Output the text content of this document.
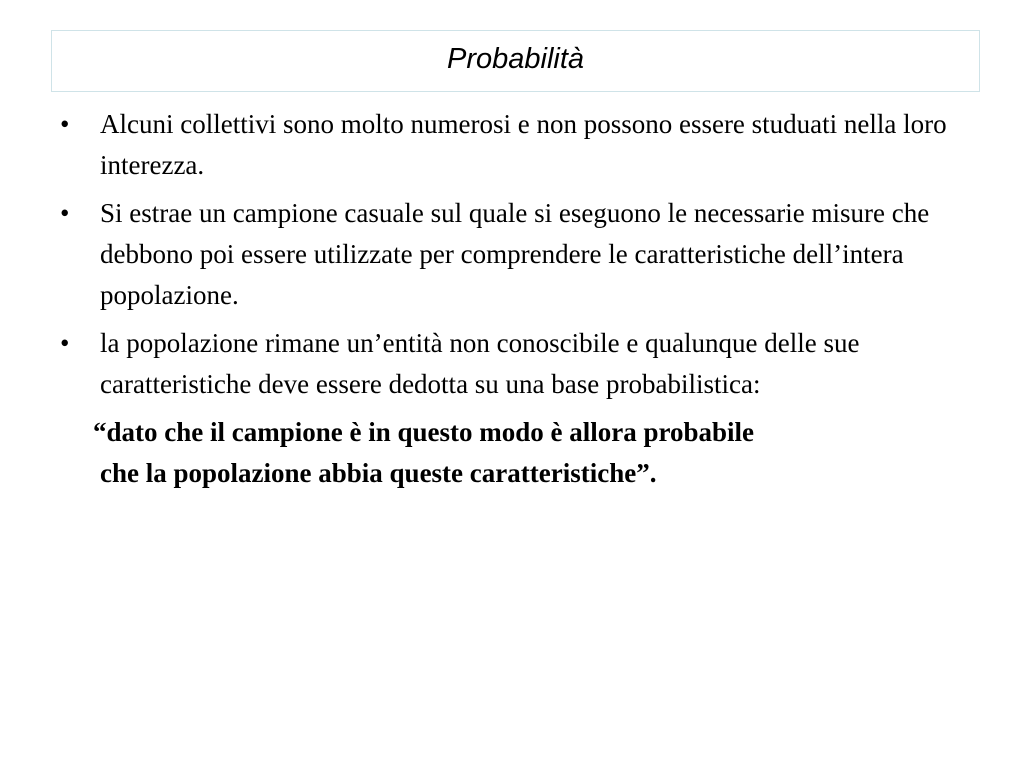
Probabilità
•	Alcuni collettivi sono molto numerosi e non possono essere studuati nella loro interezza.
•	Si estrae un campione casuale sul quale si eseguono le necessarie misure che debbono poi essere utilizzate per comprendere le caratteristiche dell’intera popolazione.
•	la popolazione rimane un’entità non conoscibile e qualunque delle sue caratteristiche deve essere dedotta su una base probabilistica:
“dato che il campione è in questo modo è allora probabile
che la popolazione abbia queste caratteristiche”.
